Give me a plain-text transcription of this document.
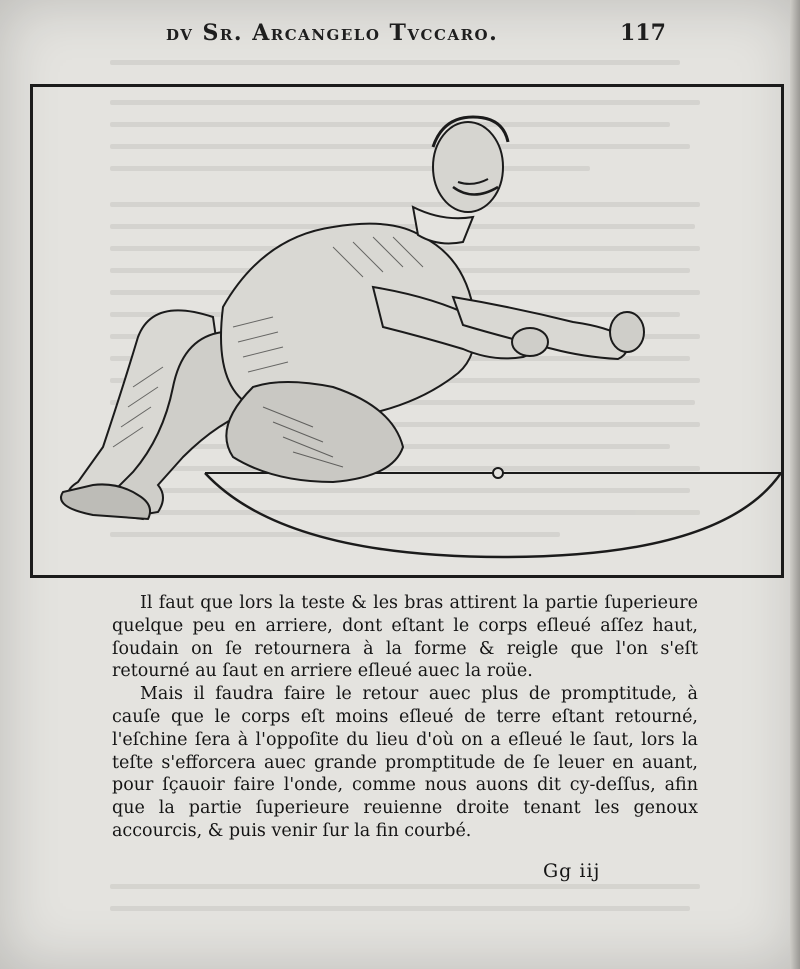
dv Sr. Arcangelo Tvccaro.	117

Il faut que lors la teste & les bras attirent la partie ſuperieure quelque peu en arriere, dont eſtant le corps eſleué aſſez haut, ſoudain on ſe retournera à la forme & reigle que l'on s'eſt retourné au ſaut en arriere eſleué auec la roüe.

Mais il faudra faire le retour auec plus de promptitude, à cauſe que le corps eſt moins eſleué de terre eſtant retourné, l'eſchine ſera à l'oppoſite du lieu d'où on a eſleué le ſaut, lors la teſte s'efforcera auec grande promptitude de ſe leuer en auant, pour ſçauoir faire l'onde, comme nous auons dit cy-deſſus, afin que la partie ſuperieure reuienne droite tenant les genoux accourcis, & puis venir ſur la fin courbé.

Gg iij
